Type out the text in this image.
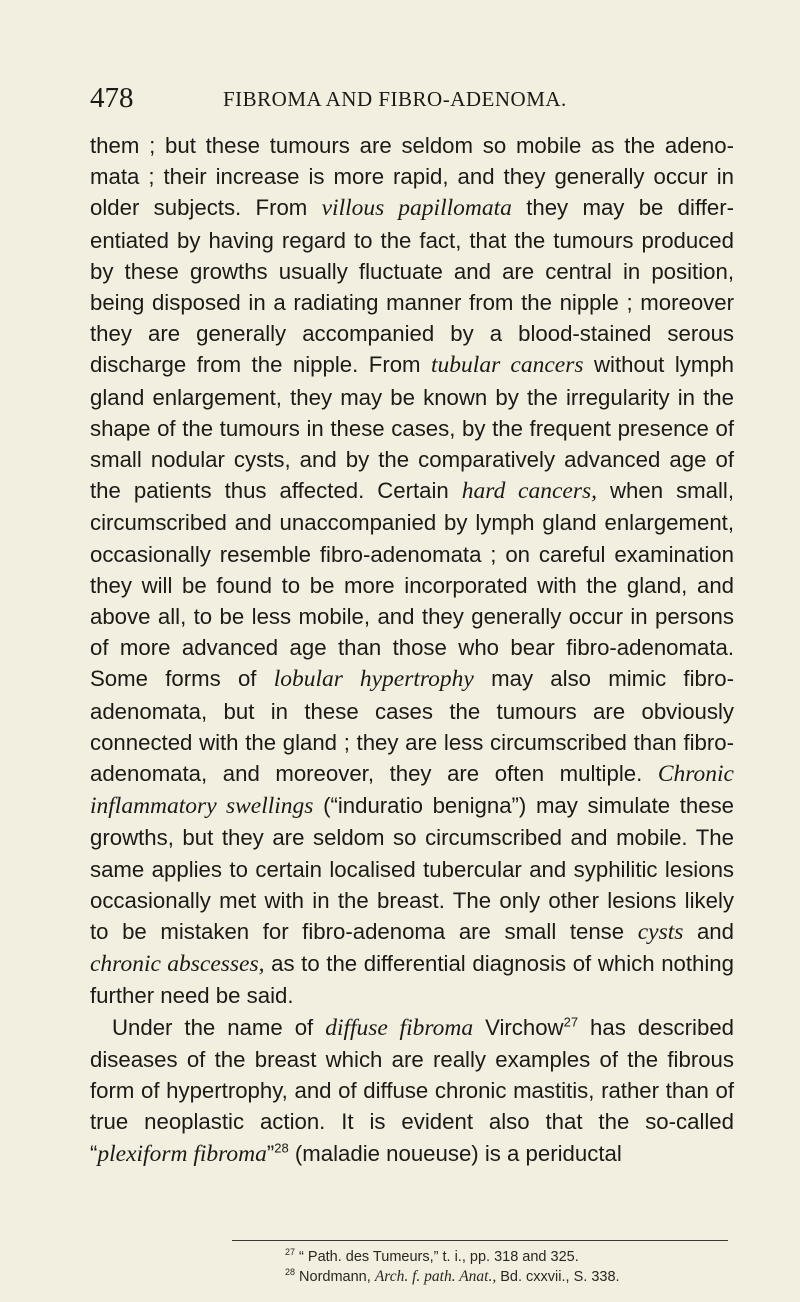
478	FIBROMA AND FIBRO-ADENOMA.

them ; but these tumours are seldom so mobile as the adenomata ; their increase is more rapid, and they generally occur in older subjects. From villous papillomata they may be differentiated by having regard to the fact, that the tumours produced by these growths usually fluctuate and are central in position, being disposed in a radiating manner from the nipple ; moreover they are generally accompanied by a blood-stained serous discharge from the nipple. From tubular cancers without lymph gland enlargement, they may be known by the irregularity in the shape of the tumours in these cases, by the frequent presence of small nodular cysts, and by the comparatively advanced age of the patients thus affected. Certain hard cancers, when small, circumscribed and unaccompanied by lymph gland enlargement, occasionally resemble fibro-adenomata ; on careful examination they will be found to be more incorporated with the gland, and above all, to be less mobile, and they generally occur in persons of more advanced age than those who bear fibro-adenomata. Some forms of lobular hypertrophy may also mimic fibro-adenomata, but in these cases the tumours are obviously connected with the gland ; they are less circumscribed than fibro-adenomata, and moreover, they are often multiple. Chronic inflammatory swellings (“induratio benigna”) may simulate these growths, but they are seldom so circumscribed and mobile. The same applies to certain localised tubercular and syphilitic lesions occasionally met with in the breast. The only other lesions likely to be mistaken for fibro-adenoma are small tense cysts and chronic abscesses, as to the differential diagnosis of which nothing further need be said.

Under the name of diffuse fibroma Virchow$^{27}$ has described diseases of the breast which are really examples of the fibrous form of hypertrophy, and of diffuse chronic mastitis, rather than of true neoplastic action. It is evident also that the so-called “plexiform fibroma”$^{28}$ (maladie noueuse) is a periductal

$^{27}$ “ Path. des Tumeurs,” t. i., pp. 318 and 325.
$^{28}$ Nordmann, Arch. f. path. Anat., Bd. cxxvii., S. 338.
